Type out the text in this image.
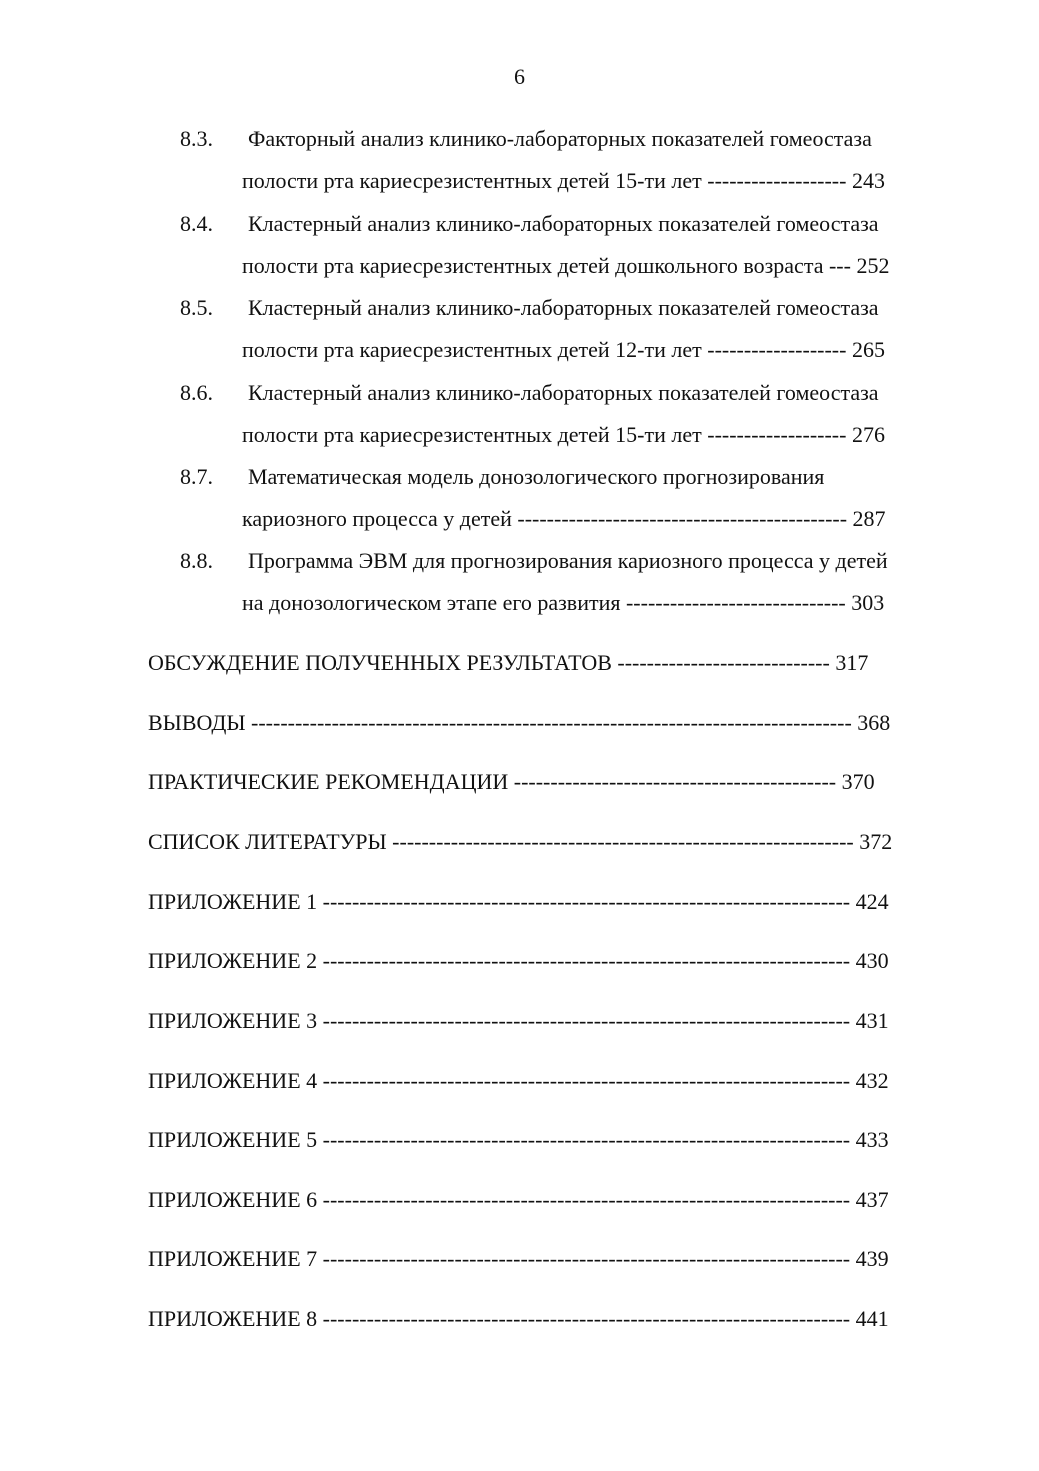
6
8.3.	Факторный анализ клинико-лабораторных показателей гомеостаза
полости рта кариесрезистентных детей 15-ти лет ------------------- 243
8.4.	Кластерный анализ клинико-лабораторных показателей гомеостаза
полости рта кариесрезистентных детей дошкольного возраста --- 252
8.5.	Кластерный анализ клинико-лабораторных показателей гомеостаза
полости рта кариесрезистентных детей 12-ти лет ------------------- 265
8.6.	Кластерный анализ клинико-лабораторных показателей гомеостаза
полости рта кариесрезистентных детей 15-ти лет ------------------- 276
8.7.	Математическая модель донозологического прогнозирования
кариозного процесса у детей --------------------------------------------- 287
8.8.	Программа ЭВМ для прогнозирования кариозного процесса у детей
на донозологическом этапе его развития ------------------------------ 303
ОБСУЖДЕНИЕ ПОЛУЧЕННЫХ РЕЗУЛЬТАТОВ ----------------------------- 317
ВЫВОДЫ ---------------------------------------------------------------------------------- 368
ПРАКТИЧЕСКИЕ РЕКОМЕНДАЦИИ -------------------------------------------- 370
СПИСОК ЛИТЕРАТУРЫ --------------------------------------------------------------- 372
ПРИЛОЖЕНИЕ 1 ------------------------------------------------------------------------ 424
ПРИЛОЖЕНИЕ 2 ------------------------------------------------------------------------ 430
ПРИЛОЖЕНИЕ 3 ------------------------------------------------------------------------ 431
ПРИЛОЖЕНИЕ 4 ------------------------------------------------------------------------ 432
ПРИЛОЖЕНИЕ 5 ------------------------------------------------------------------------ 433
ПРИЛОЖЕНИЕ 6 ------------------------------------------------------------------------ 437
ПРИЛОЖЕНИЕ 7 ------------------------------------------------------------------------ 439
ПРИЛОЖЕНИЕ 8 ------------------------------------------------------------------------ 441
